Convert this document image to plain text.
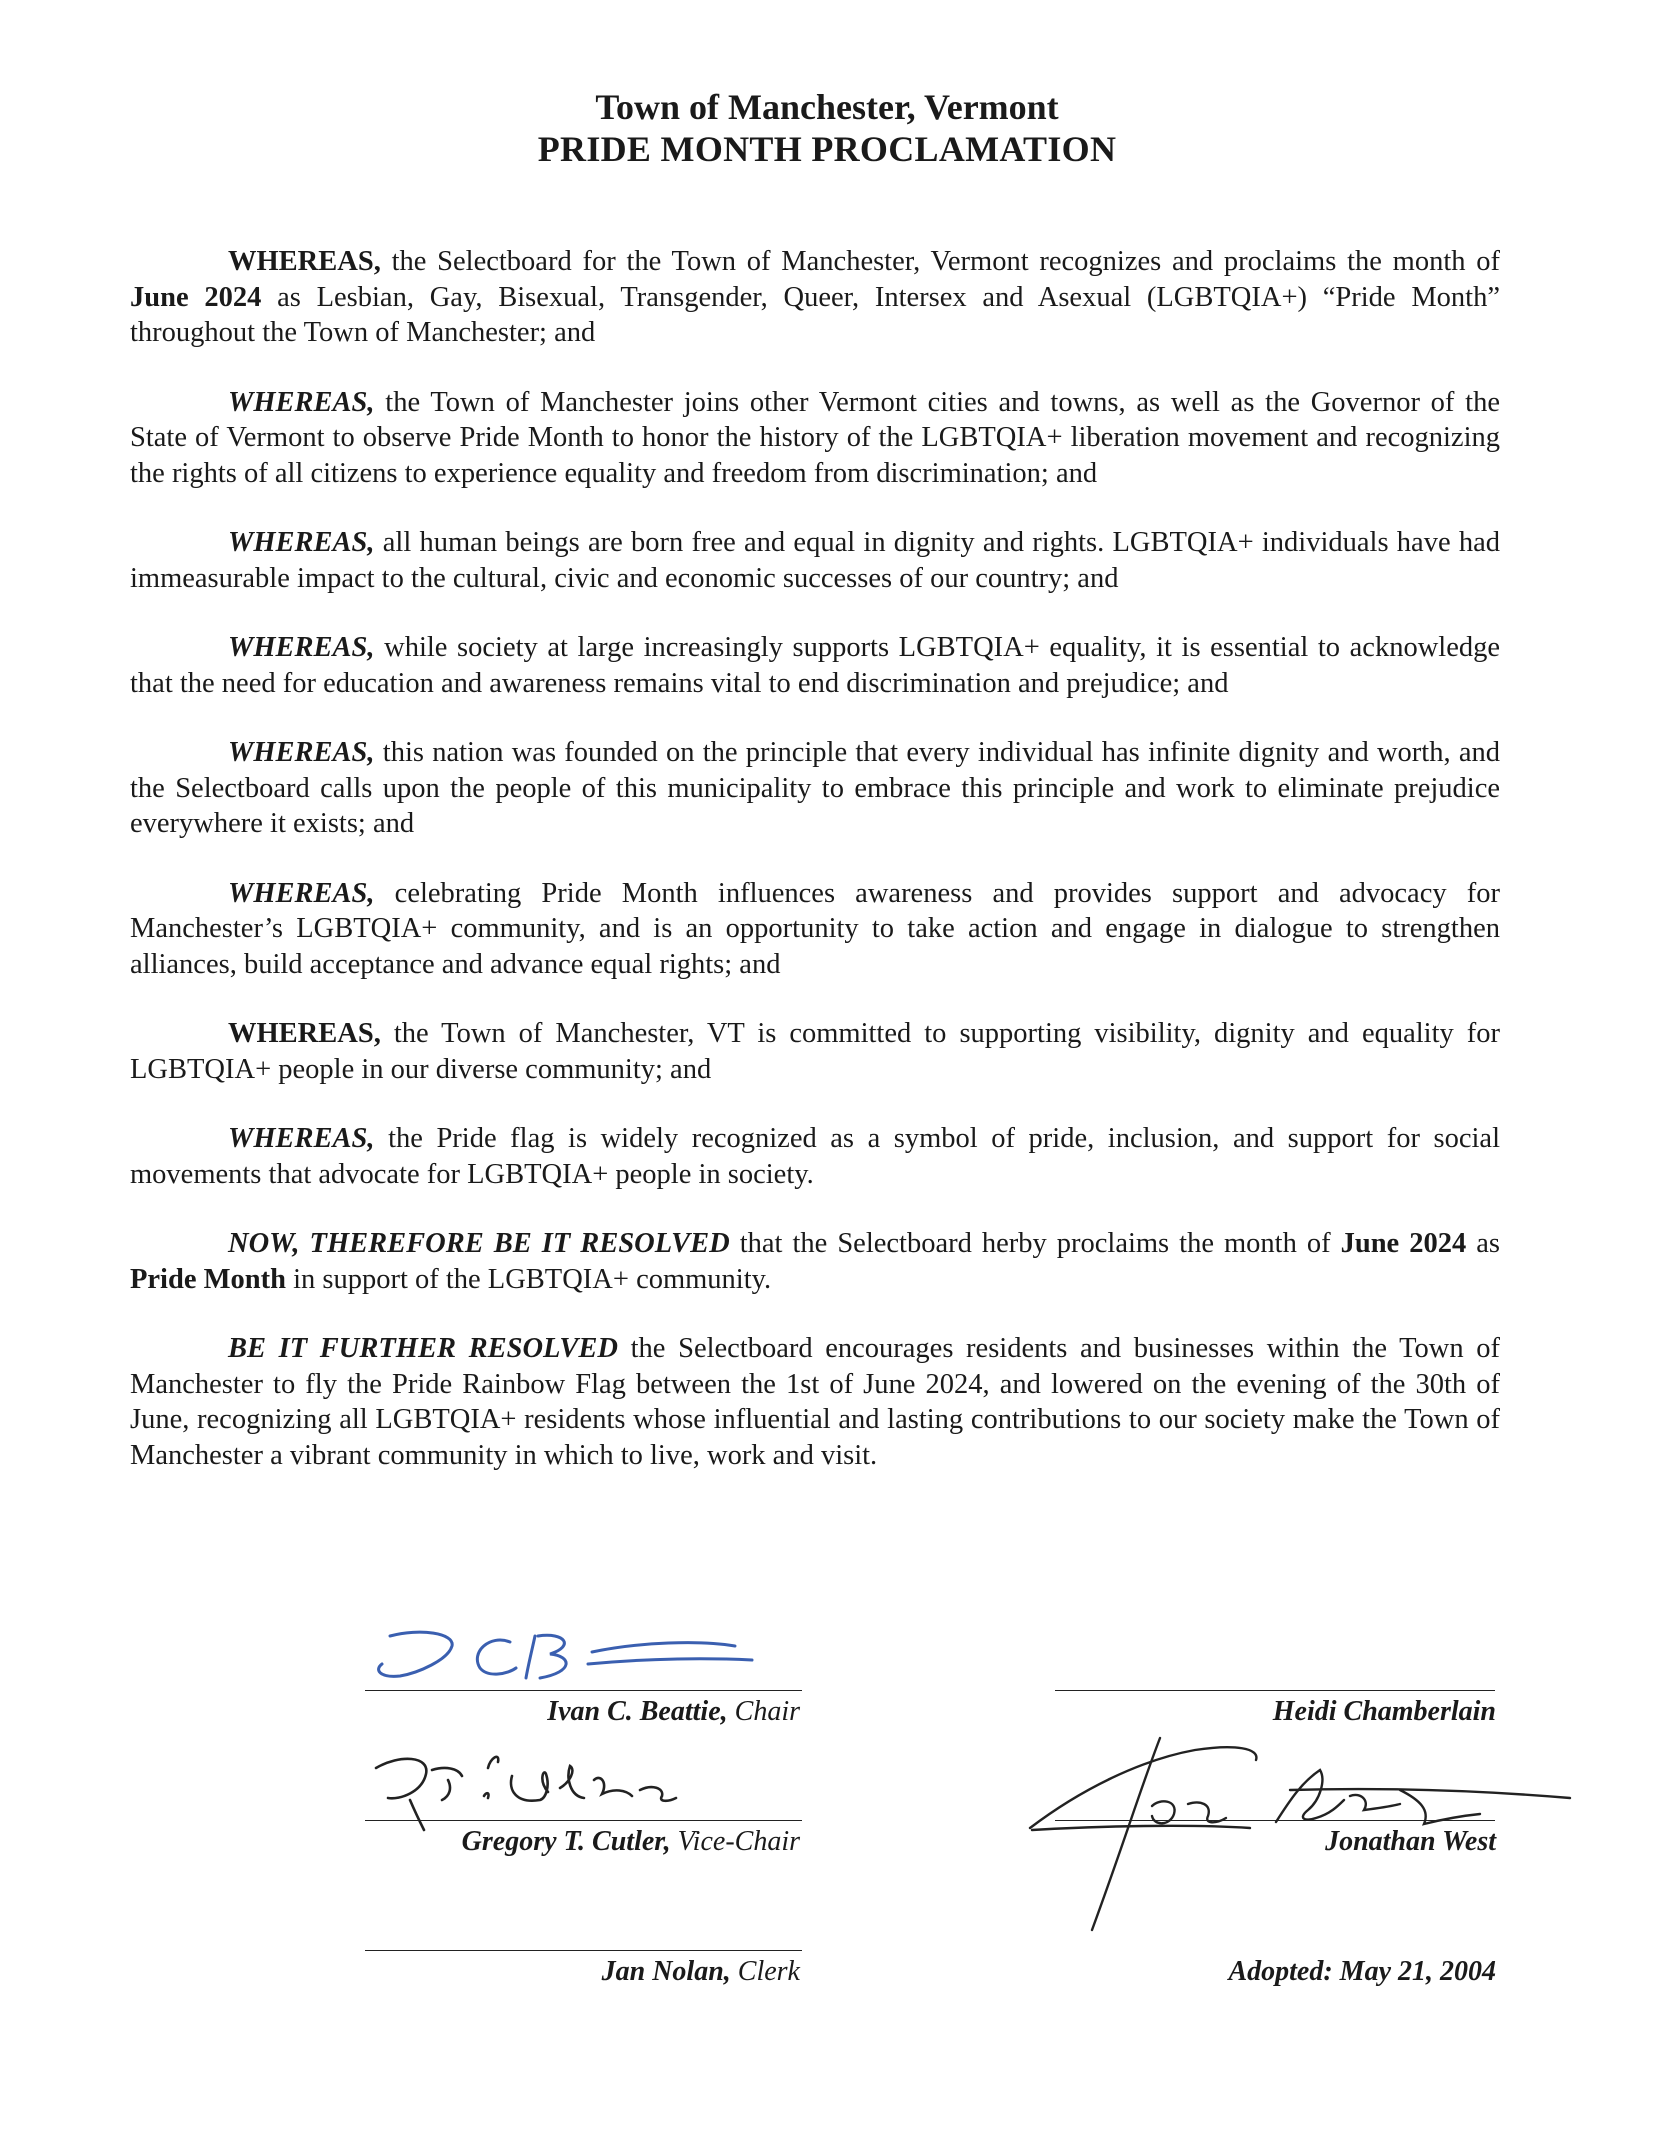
Town of Manchester, Vermont
PRIDE MONTH PROCLAMATION

WHEREAS, the Selectboard for the Town of Manchester, Vermont recognizes and proclaims the month of June 2024 as Lesbian, Gay, Bisexual, Transgender, Queer, Intersex and Asexual (LGBTQIA+) “Pride Month” throughout the Town of Manchester; and

WHEREAS, the Town of Manchester joins other Vermont cities and towns, as well as the Governor of the State of Vermont to observe Pride Month to honor the history of the LGBTQIA+ liberation movement and recognizing the rights of all citizens to experience equality and freedom from discrimination; and

WHEREAS, all human beings are born free and equal in dignity and rights. LGBTQIA+ individuals have had immeasurable impact to the cultural, civic and economic successes of our country; and

WHEREAS, while society at large increasingly supports LGBTQIA+ equality, it is essential to acknowledge that the need for education and awareness remains vital to end discrimination and prejudice; and

WHEREAS, this nation was founded on the principle that every individual has infinite dignity and worth, and the Selectboard calls upon the people of this municipality to embrace this principle and work to eliminate prejudice everywhere it exists; and

WHEREAS, celebrating Pride Month influences awareness and provides support and advocacy for Manchester’s LGBTQIA+ community, and is an opportunity to take action and engage in dialogue to strengthen alliances, build acceptance and advance equal rights; and

WHEREAS, the Town of Manchester, VT is committed to supporting visibility, dignity and equality for LGBTQIA+ people in our diverse community; and

WHEREAS, the Pride flag is widely recognized as a symbol of pride, inclusion, and support for social movements that advocate for LGBTQIA+ people in society.

NOW, THEREFORE BE IT RESOLVED that the Selectboard herby proclaims the month of June 2024 as Pride Month in support of the LGBTQIA+ community.

BE IT FURTHER RESOLVED the Selectboard encourages residents and businesses within the Town of Manchester to fly the Pride Rainbow Flag between the 1st of June 2024, and lowered on the evening of the 30th of June, recognizing all LGBTQIA+ residents whose influential and lasting contributions to our society make the Town of Manchester a vibrant community in which to live, work and visit.

Ivan C. Beattie, Chair
Gregory T. Cutler, Vice-Chair
Jan Nolan, Clerk
Heidi Chamberlain
Jonathan West
Adopted: May 21, 2004
